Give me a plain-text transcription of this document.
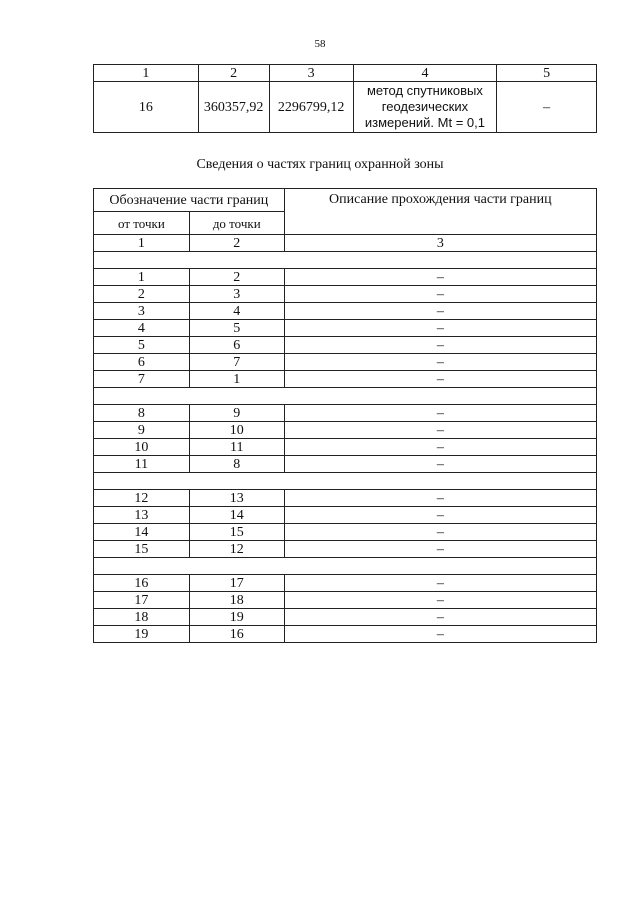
58
1	2	3	4	5
16	360357,92	2296799,12	метод спутниковых
геодезических
измерений. Mt = 0,1	–
Сведения о частях границ охранной зоны
Обозначение части границ		Описание прохождения части границ
от точки	до точки	
1	2	3

1	2	–
2	3	–
3	4	–
4	5	–
5	6	–
6	7	–
7	1	–

8	9	–
9	10	–
10	11	–
11	8	–

12	13	–
13	14	–
14	15	–
15	12	–

16	17	–
17	18	–
18	19	–
19	16	–
